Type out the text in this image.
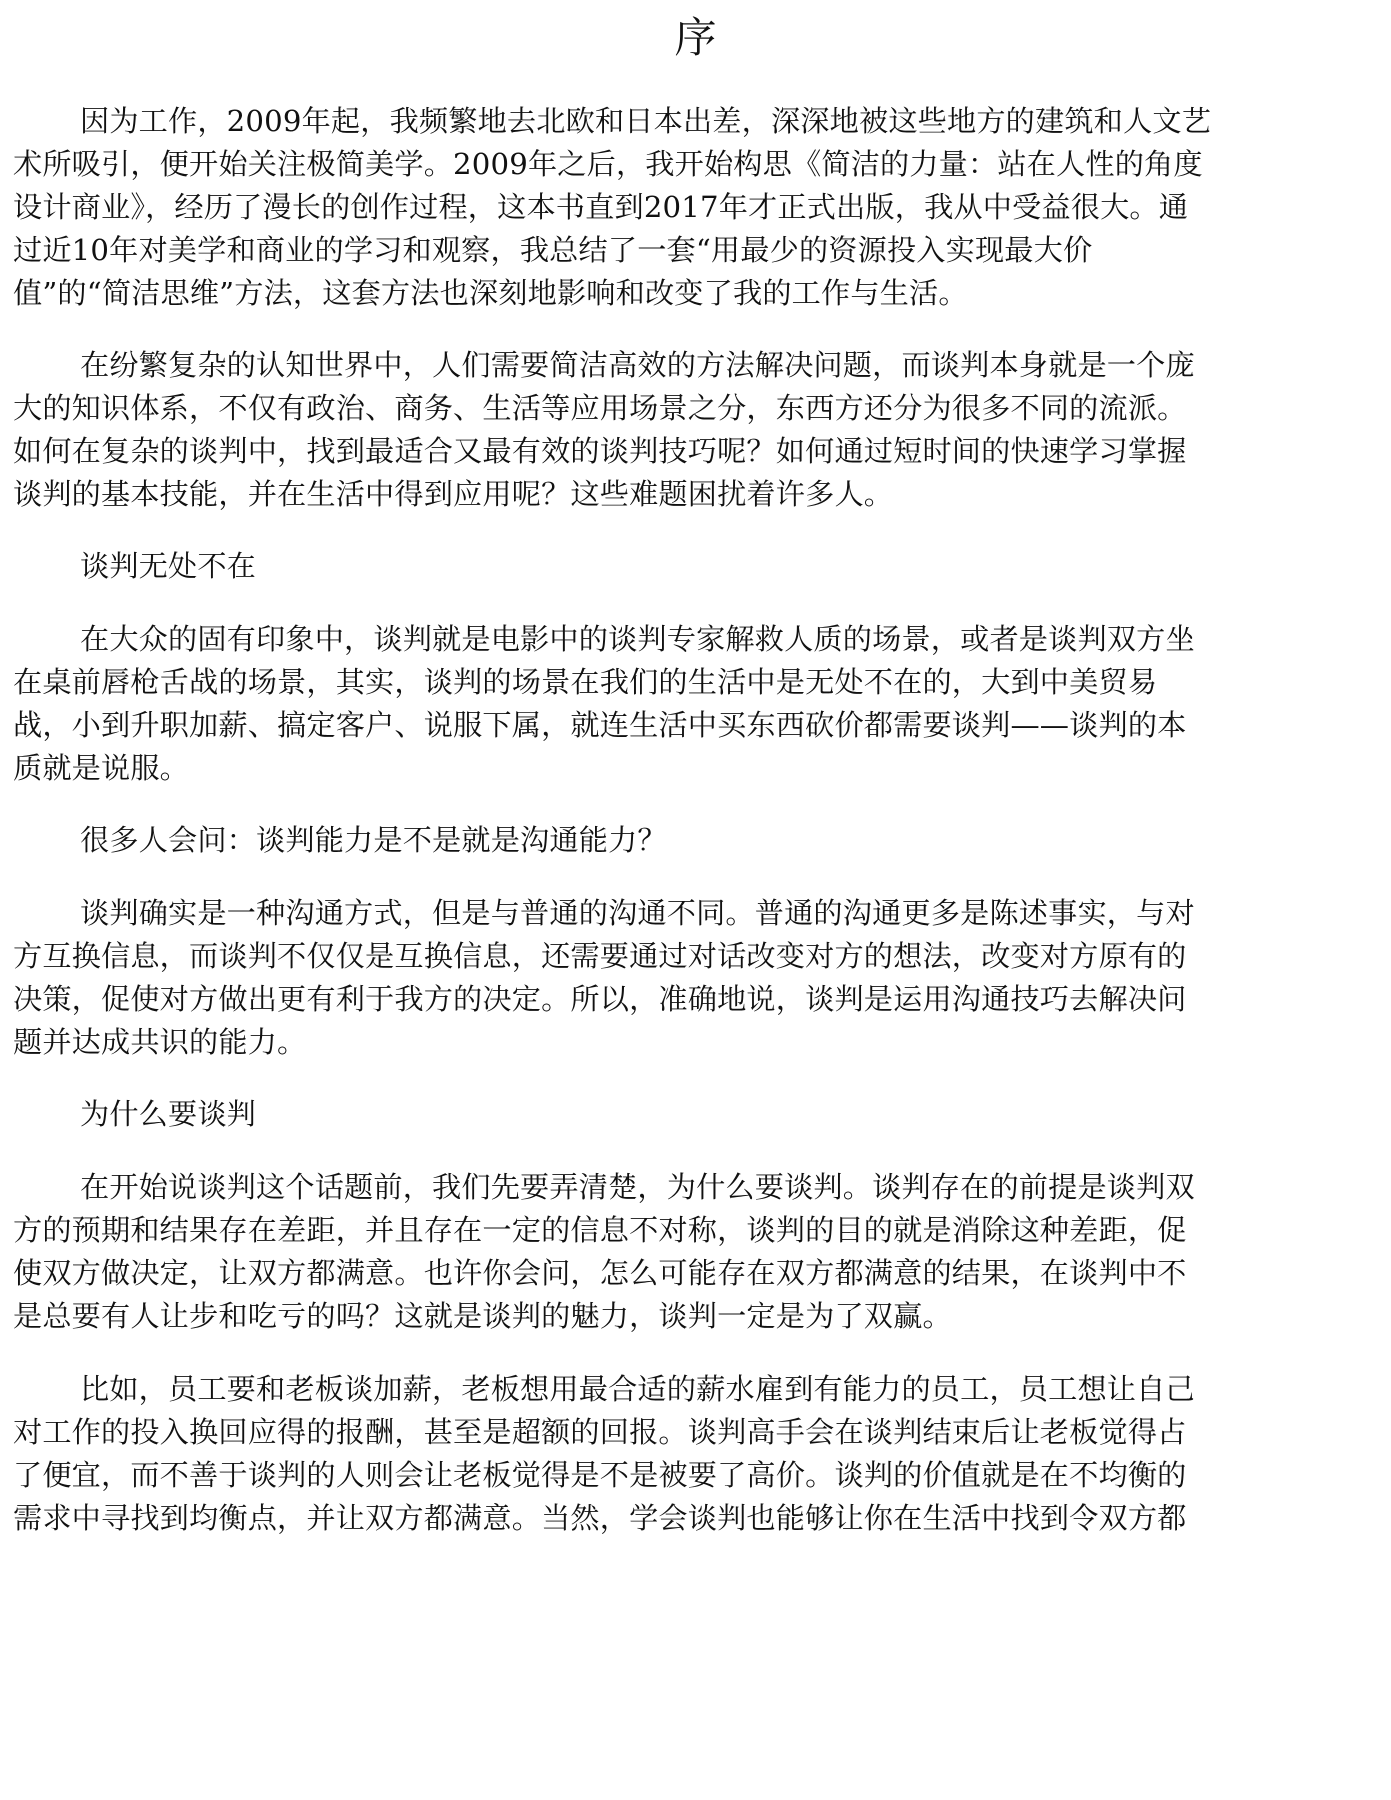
序
因为工作，2009年起，我频繁地去北欧和日本出差，深深地被这些地方的建筑和人文艺
术所吸引，便开始关注极简美学。2009年之后，我开始构思《简洁的力量：站在人性的角度
设计商业》，经历了漫长的创作过程，这本书直到2017年才正式出版，我从中受益很大。通
过近10年对美学和商业的学习和观察，我总结了一套“用最少的资源投入实现最大价
值”的“简洁思维”方法，这套方法也深刻地影响和改变了我的工作与生活。
在纷繁复杂的认知世界中，人们需要简洁高效的方法解决问题，而谈判本身就是一个庞
大的知识体系，不仅有政治、商务、生活等应用场景之分，东西方还分为很多不同的流派。
如何在复杂的谈判中，找到最适合又最有效的谈判技巧呢？如何通过短时间的快速学习掌握
谈判的基本技能，并在生活中得到应用呢？这些难题困扰着许多人。
谈判无处不在
在大众的固有印象中，谈判就是电影中的谈判专家解救人质的场景，或者是谈判双方坐
在桌前唇枪舌战的场景，其实，谈判的场景在我们的生活中是无处不在的，大到中美贸易
战，小到升职加薪、搞定客户、说服下属，就连生活中买东西砍价都需要谈判——谈判的本
质就是说服。
很多人会问：谈判能力是不是就是沟通能力？
谈判确实是一种沟通方式，但是与普通的沟通不同。普通的沟通更多是陈述事实，与对
方互换信息，而谈判不仅仅是互换信息，还需要通过对话改变对方的想法，改变对方原有的
决策，促使对方做出更有利于我方的决定。所以，准确地说，谈判是运用沟通技巧去解决问
题并达成共识的能力。
为什么要谈判
在开始说谈判这个话题前，我们先要弄清楚，为什么要谈判。谈判存在的前提是谈判双
方的预期和结果存在差距，并且存在一定的信息不对称，谈判的目的就是消除这种差距，促
使双方做决定，让双方都满意。也许你会问，怎么可能存在双方都满意的结果，在谈判中不
是总要有人让步和吃亏的吗？这就是谈判的魅力，谈判一定是为了双赢。
比如，员工要和老板谈加薪，老板想用最合适的薪水雇到有能力的员工，员工想让自己
对工作的投入换回应得的报酬，甚至是超额的回报。谈判高手会在谈判结束后让老板觉得占
了便宜，而不善于谈判的人则会让老板觉得是不是被要了高价。谈判的价值就是在不均衡的
需求中寻找到均衡点，并让双方都满意。当然，学会谈判也能够让你在生活中找到令双方都
